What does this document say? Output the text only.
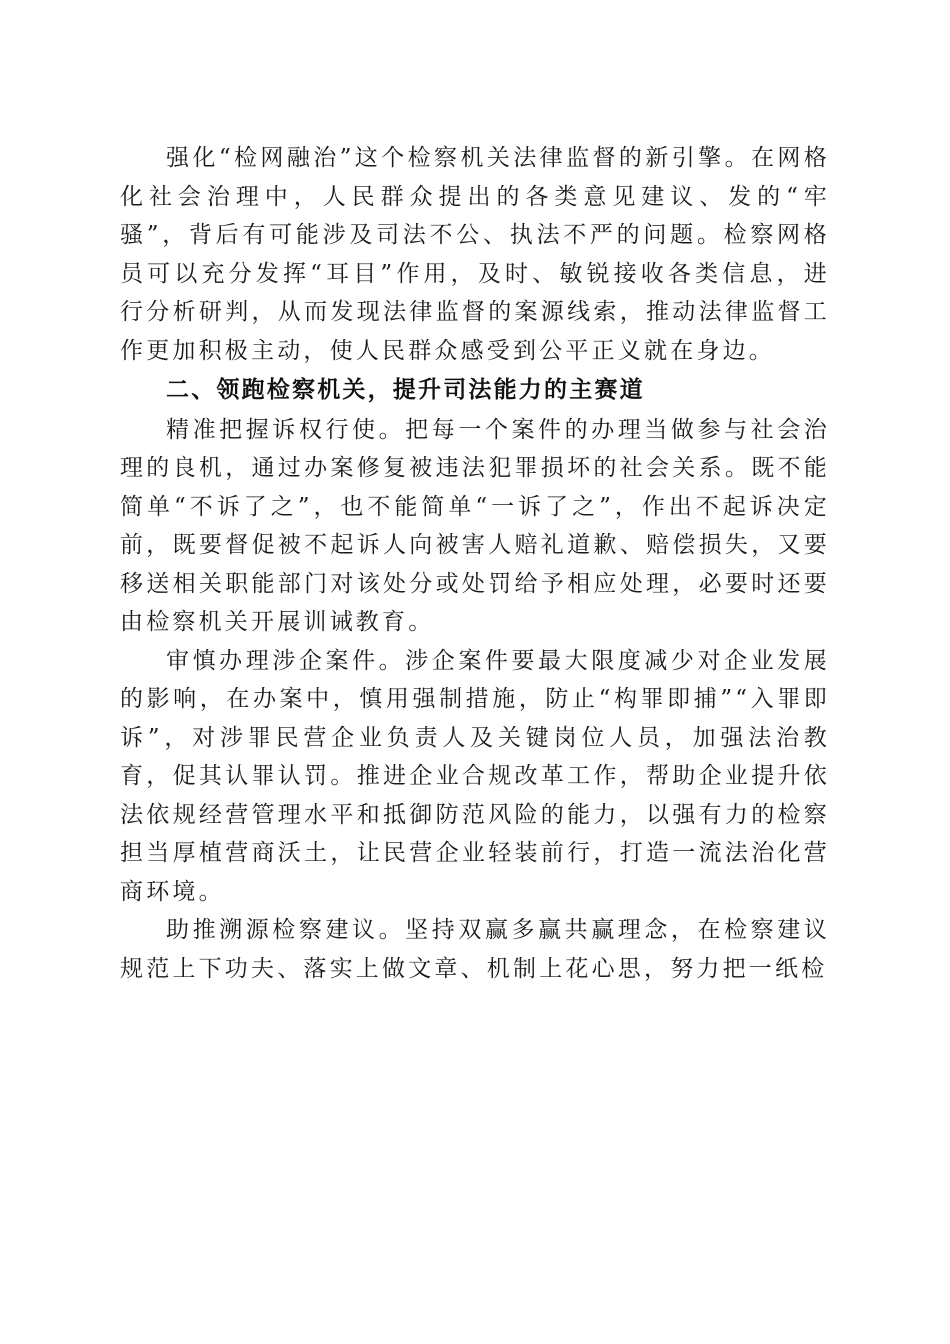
强化“检网融治”这个检察机关法律监督的新引擎。在网格化社会治理中，人民群众提出的各类意见建议、发的“牢骚”，背后有可能涉及司法不公、执法不严的问题。检察网格员可以充分发挥“耳目”作用，及时、敏锐接收各类信息，进行分析研判，从而发现法律监督的案源线索，推动法律监督工作更加积极主动，使人民群众感受到公平正义就在身边。

二、领跑检察机关，提升司法能力的主赛道

精准把握诉权行使。把每一个案件的办理当做参与社会治理的良机，通过办案修复被违法犯罪损坏的社会关系。既不能简单“不诉了之”，也不能简单“一诉了之”，作出不起诉决定前，既要督促被不起诉人向被害人赔礼道歉、赔偿损失，又要移送相关职能部门对该处分或处罚给予相应处理，必要时还要由检察机关开展训诫教育。

审慎办理涉企案件。涉企案件要最大限度减少对企业发展的影响，在办案中，慎用强制措施，防止“构罪即捕”“入罪即诉”，对涉罪民营企业负责人及关键岗位人员，加强法治教育，促其认罪认罚。推进企业合规改革工作，帮助企业提升依法依规经营管理水平和抵御防范风险的能力，以强有力的检察担当厚植营商沃土，让民营企业轻装前行，打造一流法治化营商环境。

助推溯源检察建议。坚持双赢多赢共赢理念，在检察建议规范上下功夫、落实上做文章、机制上花心思，努力把一纸检
